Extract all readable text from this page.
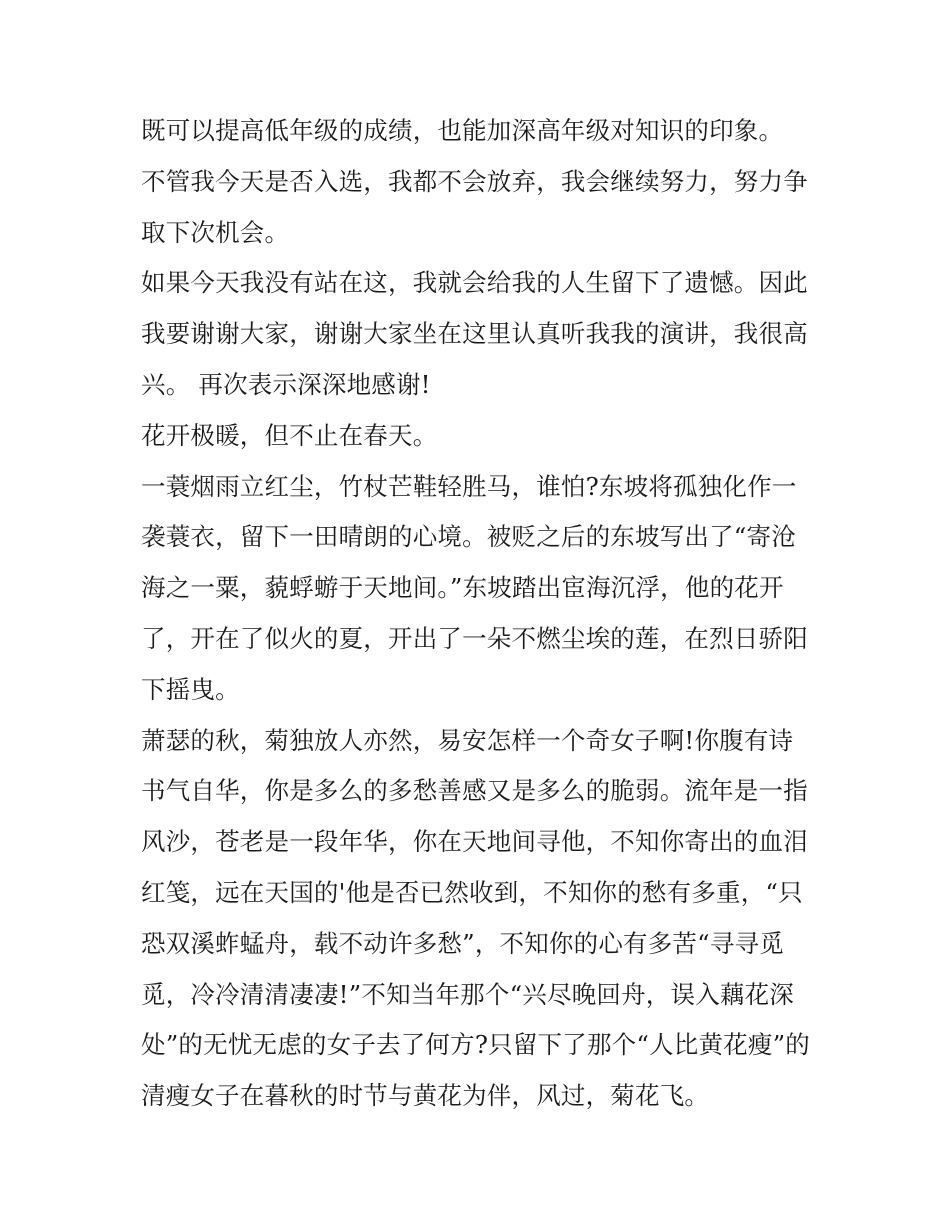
既可以提高低年级的成绩，也能加深高年级对知识的印象。
不管我今天是否入选，我都不会放弃，我会继续努力，努力争
取下次机会。
如果今天我没有站在这，我就会给我的人生留下了遗憾。因此
我要谢谢大家，谢谢大家坐在这里认真听我我的演讲，我很高
兴。 再次表示深深地感谢!
花开极暖，但不止在春天。
一蓑烟雨立红尘，竹杖芒鞋轻胜马，谁怕?东坡将孤独化作一
袭蓑衣，留下一田晴朗的心境。被贬之后的东坡写出了“寄沧
海之一粟，藐蜉蝣于天地间。”东坡踏出宦海沉浮，他的花开
了，开在了似火的夏，开出了一朵不燃尘埃的莲，在烈日骄阳
下摇曳。
萧瑟的秋，菊独放人亦然，易安怎样一个奇女子啊!你腹有诗
书气自华，你是多么的多愁善感又是多么的脆弱。流年是一指
风沙，苍老是一段年华，你在天地间寻他，不知你寄出的血泪
红笺，远在天国的'他是否已然收到，不知你的愁有多重，“只
恐双溪蚱蜢舟，载不动许多愁”，不知你的心有多苦“寻寻觅
觅，冷冷清清凄凄!”不知当年那个“兴尽晚回舟，误入藕花深
处”的无忧无虑的女子去了何方?只留下了那个“人比黄花瘦”的
清瘦女子在暮秋的时节与黄花为伴，风过，菊花飞。
